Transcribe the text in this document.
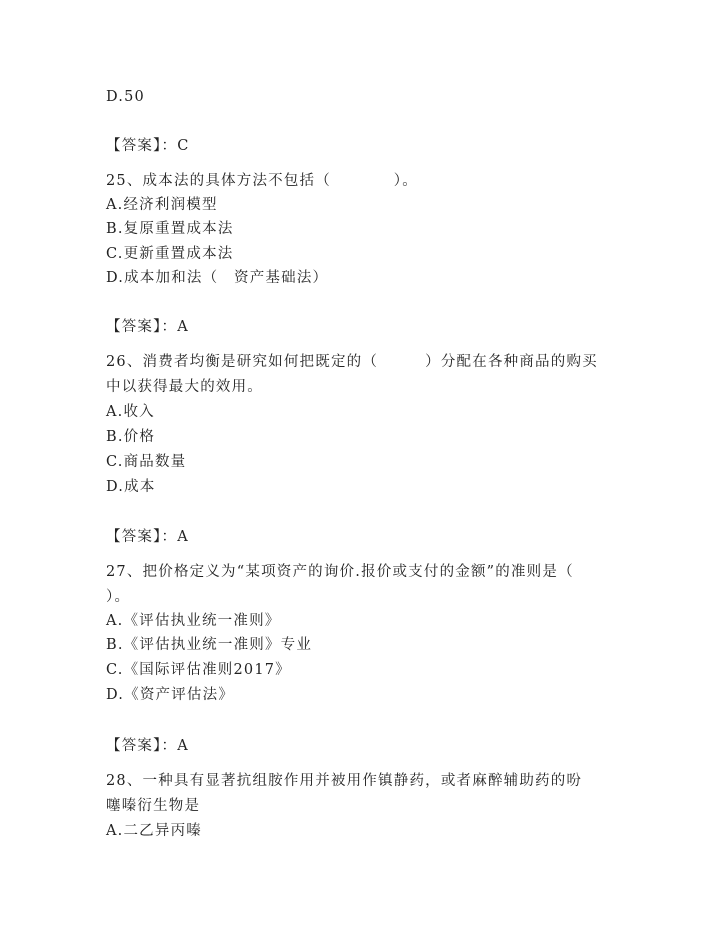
D.50
【答案】：C
25、成本法的具体方法不包括（　　　　）。
A.经济利润模型
B.复原重置成本法
C.更新重置成本法
D.成本加和法（　资产基础法）
【答案】：A
26、消费者均衡是研究如何把既定的（　　　）分配在各种商品的购买
中以获得最大的效用。
A.收入
B.价格
C.商品数量
D.成本
【答案】：A
27、把价格定义为“某项资产的询价.报价或支付的金额”的准则是（
）。
A.《评估执业统一准则》
B.《评估执业统一准则》专业
C.《国际评估准则2017》
D.《资产评估法》
【答案】：A
28、一种具有显著抗组胺作用并被用作镇静药，或者麻醉辅助药的吩
噻嗪衍生物是
A.二乙异丙嗪
